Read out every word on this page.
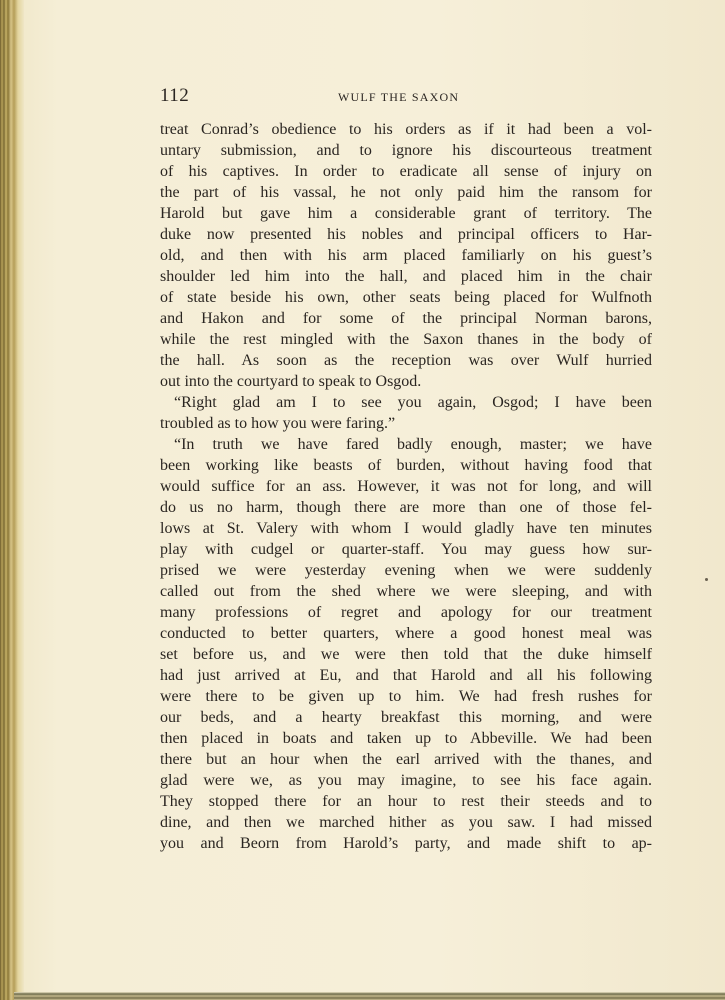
112	WULF THE SAXON
treat Conrad’s obedience to his orders as if it had been a vol-
untary submission, and to ignore his discourteous treatment
of his captives. In order to eradicate all sense of injury on
the part of his vassal, he not only paid him the ransom for
Harold but gave him a considerable grant of territory. The
duke now presented his nobles and principal officers to Har-
old, and then with his arm placed familiarly on his guest’s
shoulder led him into the hall, and placed him in the chair
of state beside his own, other seats being placed for Wulfnoth
and Hakon and for some of the principal Norman barons,
while the rest mingled with the Saxon thanes in the body of
the hall. As soon as the reception was over Wulf hurried
out into the courtyard to speak to Osgod.
“Right glad am I to see you again, Osgod; I have been
troubled as to how you were faring.”
“In truth we have fared badly enough, master; we have
been working like beasts of burden, without having food that
would suffice for an ass. However, it was not for long, and will
do us no harm, though there are more than one of those fel-
lows at St. Valery with whom I would gladly have ten minutes
play with cudgel or quarter-staff. You may guess how sur-
prised we were yesterday evening when we were suddenly
called out from the shed where we were sleeping, and with
many professions of regret and apology for our treatment
conducted to better quarters, where a good honest meal was
set before us, and we were then told that the duke himself
had just arrived at Eu, and that Harold and all his following
were there to be given up to him. We had fresh rushes for
our beds, and a hearty breakfast this morning, and were
then placed in boats and taken up to Abbeville. We had been
there but an hour when the earl arrived with the thanes, and
glad were we, as you may imagine, to see his face again.
They stopped there for an hour to rest their steeds and to
dine, and then we marched hither as you saw. I had missed
you and Beorn from Harold’s party, and made shift to ap-
